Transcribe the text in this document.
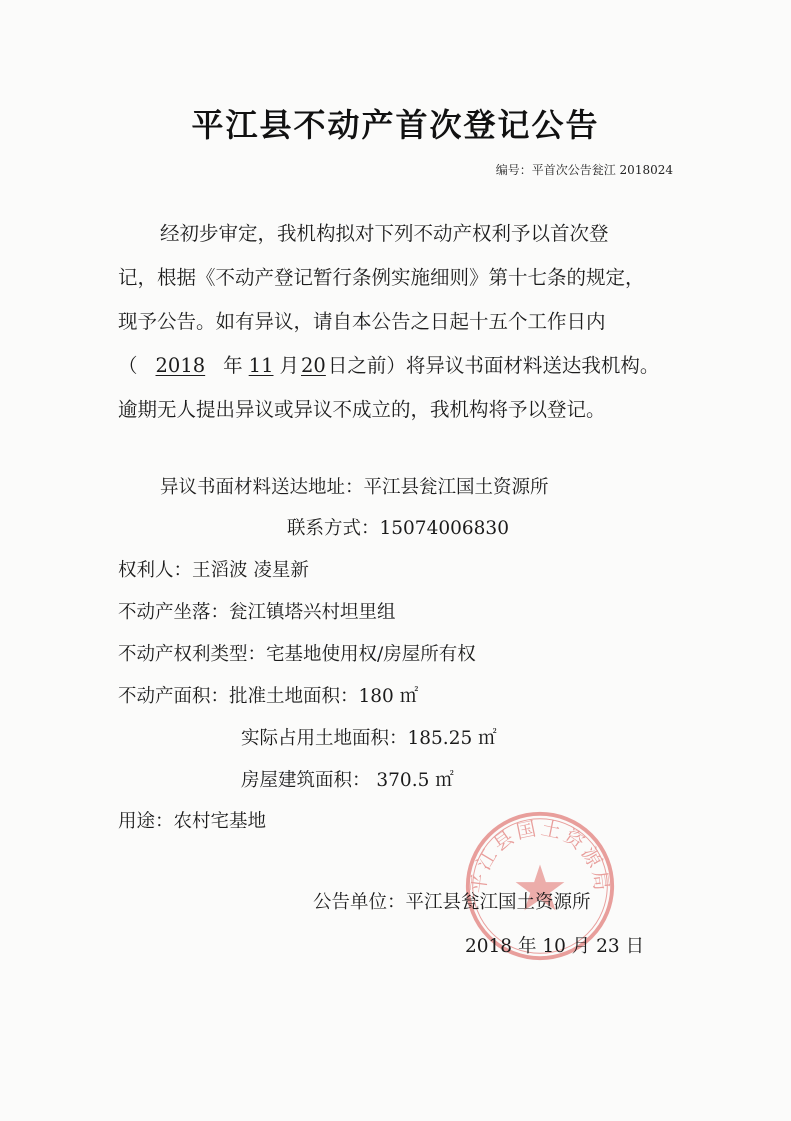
平江县不动产首次登记公告
编号：平首次公告瓮江 2018024
经初步审定，我机构拟对下列不动产权利予以首次登
记，根据《不动产登记暂行条例实施细则》第十七条的规定，
现予公告。如有异议，请自本公告之日起十五个工作日内
（ 2018 年 11 月 20 日之前）将异议书面材料送达我机构。
逾期无人提出异议或异议不成立的，我机构将予以登记。
异议书面材料送达地址：平江县瓮江国土资源所
联系方式：15074006830
权利人：王滔波 凌星新
不动产坐落：瓮江镇塔兴村坦里组
不动产权利类型：宅基地使用权/房屋所有权
不动产面积：批准土地面积：180 ㎡
实际占用土地面积：185.25 ㎡
房屋建筑面积： 370.5 ㎡
用途：农村宅基地
平江县国土资源局
公告单位：平江县瓮江国土资源所
2018 年 10 月 23 日
